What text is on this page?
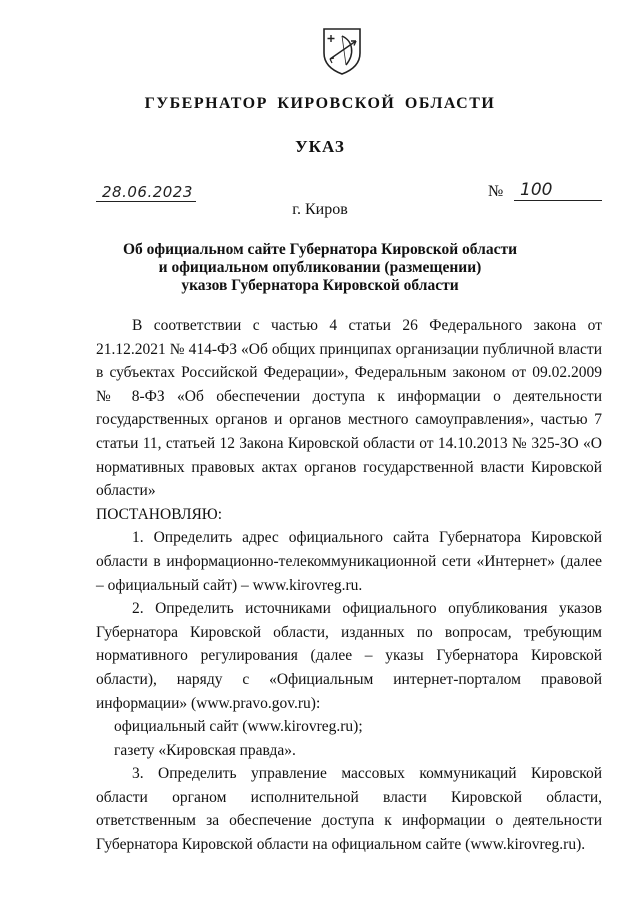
ГУБЕРНАТОР КИРОВСКОЙ ОБЛАСТИ
УКАЗ
28.06.2023	№ 100
г. Киров
Об официальном сайте Губернатора Кировской области
и официальном опубликовании (размещении)
указов Губернатора Кировской области

В соответствии с частью 4 статьи 26 Федерального закона от 21.12.2021 № 414-ФЗ «Об общих принципах организации публичной власти в субъектах Российской Федерации», Федеральным законом от 09.02.2009 № 8-ФЗ «Об обеспечении доступа к информации о деятельности государственных органов и органов местного самоуправления», частью 7 статьи 11, статьей 12 Закона Кировской области от 14.10.2013 № 325-ЗО «О нормативных правовых актах органов государственной власти Кировской области»

ПОСТАНОВЛЯЮ:

1. Определить адрес официального сайта Губернатора Кировской области в информационно-телекоммуникационной сети «Интернет» (далее – официальный сайт) – www.kirovreg.ru.

2. Определить источниками официального опубликования указов Губернатора Кировской области, изданных по вопросам, требующим нормативного регулирования (далее – указы Губернатора Кировской области), наряду с «Официальным интернет-порталом правовой информации» (www.pravo.gov.ru):

официальный сайт (www.kirovreg.ru);

газету «Кировская правда».

3. Определить управление массовых коммуникаций Кировской области органом исполнительной власти Кировской области, ответственным за обеспечение доступа к информации о деятельности Губернатора Кировской области на официальном сайте (www.kirovreg.ru).
